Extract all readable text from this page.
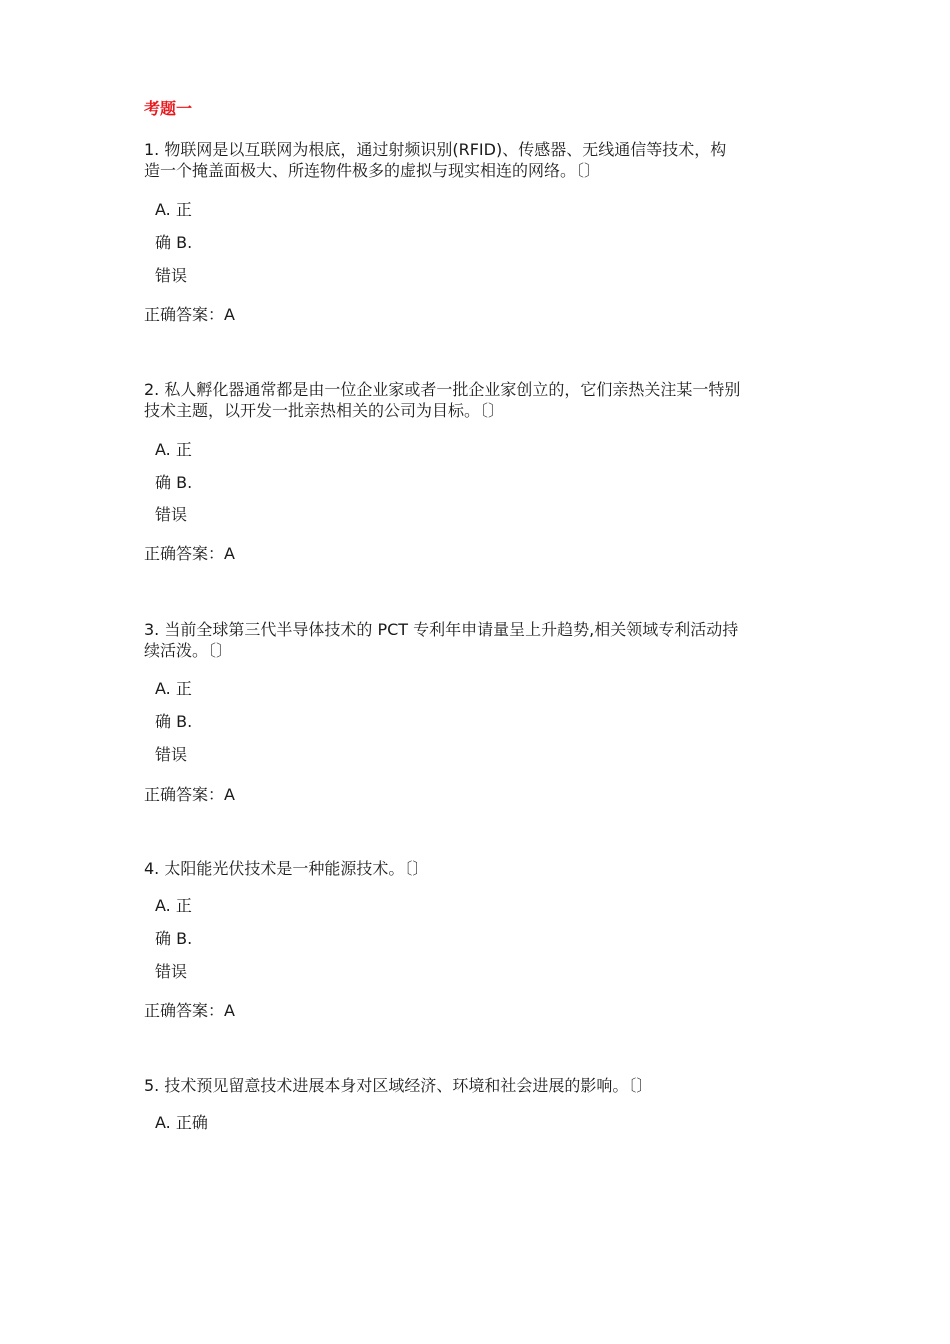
考题一
1. 物联网是以互联网为根底，通过射频识别(RFID)、传感器、无线通信等技术，构
造一个掩盖面极大、所连物件极多的虚拟与现实相连的网络。〔〕
A. 正
确 B.
错误
正确答案：A
2. 私人孵化器通常都是由一位企业家或者一批企业家创立的，它们亲热关注某一特别
技术主题，以开发一批亲热相关的公司为目标。〔〕
A. 正
确 B.
错误
正确答案：A
3. 当前全球第三代半导体技术的 PCT 专利年申请量呈上升趋势,相关领域专利活动持
续活泼。〔〕
A. 正
确 B.
错误
正确答案：A
4. 太阳能光伏技术是一种能源技术。〔〕
A. 正
确 B.
错误
正确答案：A
5. 技术预见留意技术进展本身对区域经济、环境和社会进展的影响。〔〕
A. 正确
